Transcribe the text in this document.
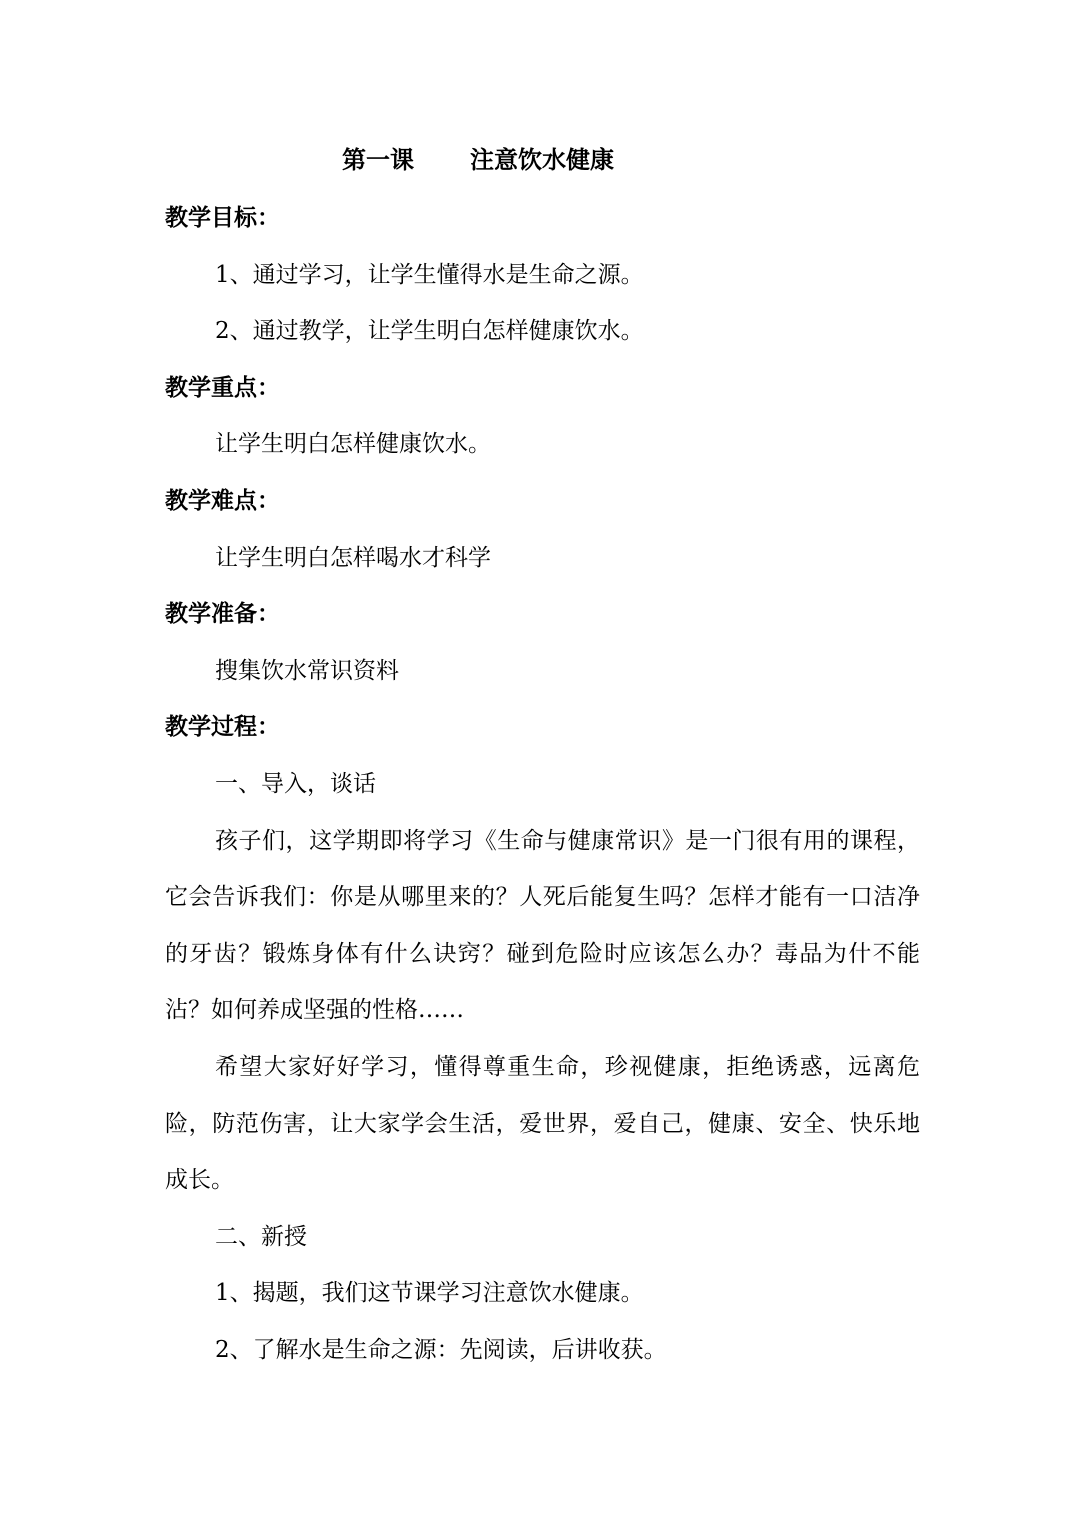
第一课 注意饮水健康
教学目标：
1、通过学习，让学生懂得水是生命之源。
2、通过教学，让学生明白怎样健康饮水。
教学重点：
让学生明白怎样健康饮水。
教学难点：
让学生明白怎样喝水才科学
教学准备：
搜集饮水常识资料
教学过程：
一、导入，谈话
孩子们，这学期即将学习《生命与健康常识》是一门很有用的课程，它会告诉我们：你是从哪里来的？人死后能复生吗？怎样才能有一口洁净的牙齿？锻炼身体有什么诀窍？碰到危险时应该怎么办？毒品为什不能沾？如何养成坚强的性格……
希望大家好好学习，懂得尊重生命，珍视健康，拒绝诱惑，远离危险，防范伤害，让大家学会生活，爱世界，爱自己，健康、安全、快乐地成长。
二、新授
1、揭题，我们这节课学习注意饮水健康。
2、了解水是生命之源：先阅读，后讲收获。
